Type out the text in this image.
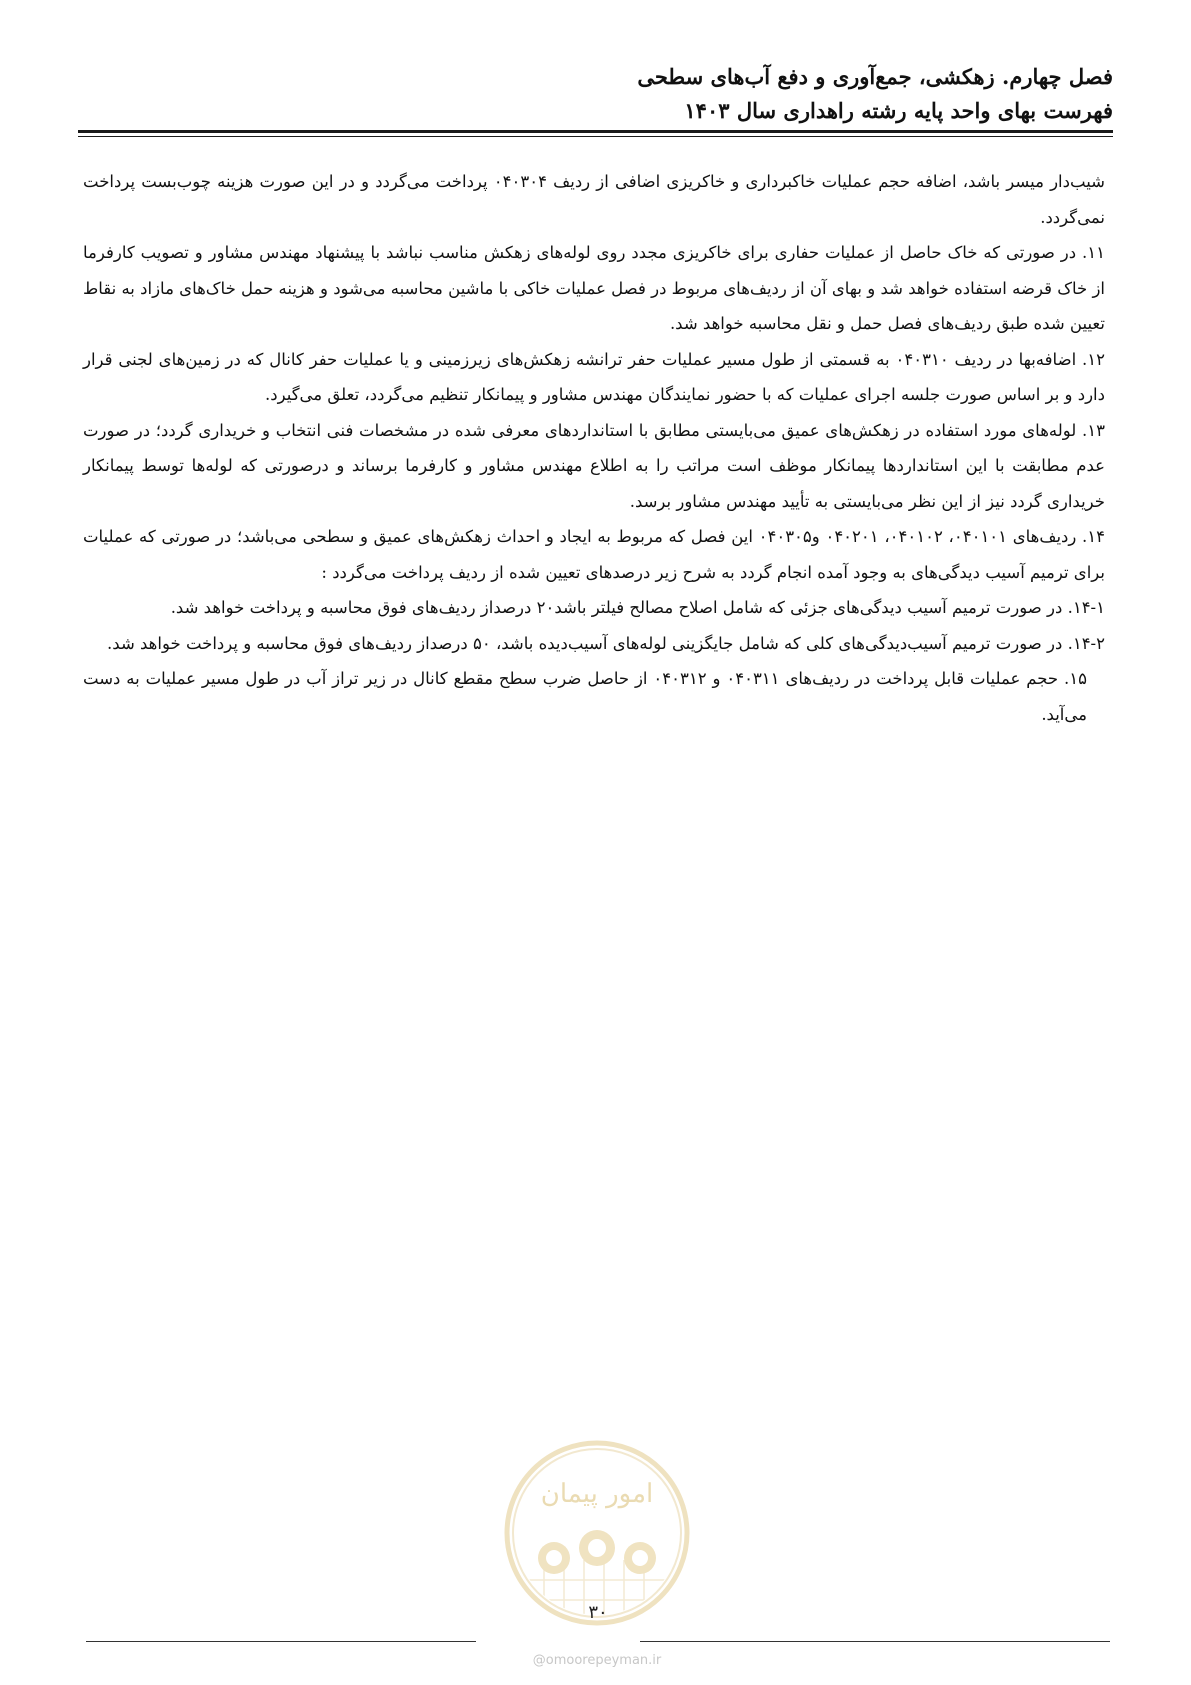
فصل چهارم. زهکشی، جمع‌آوری و دفع آب‌های سطحی
فهرست بهای واحد پایه رشته راهداری سال ۱۴۰۳

شیب‌دار میسر باشد، اضافه حجم عملیات خاکبرداری و خاکریزی اضافی از ردیف ۰۴۰۳۰۴ پرداخت می‌گردد و در این صورت هزینه چوب‌بست پرداخت نمی‌گردد.

۱۱. در صورتی که خاک حاصل از عملیات حفاری برای خاکریزی مجدد روی لوله‌های زهکش مناسب نباشد با پیشنهاد مهندس مشاور و تصویب کارفرما از خاک قرضه استفاده خواهد شد و بهای آن از ردیف‌های مربوط در فصل عملیات خاکی با ماشین محاسبه می‌شود و هزینه حمل خاک‌های مازاد به نقاط تعیین شده طبق ردیف‌های فصل حمل و نقل محاسبه خواهد شد.

۱۲. اضافه‌بها در ردیف ۰۴۰۳۱۰ به قسمتی از طول مسیر عملیات حفر ترانشه زهکش‌های زیرزمینی و یا عملیات حفر کانال که در زمین‌های لجنی قرار دارد و بر اساس صورت جلسه اجرای عملیات که با حضور نمایندگان مهندس مشاور و پیمانکار تنظیم می‌گردد، تعلق می‌گیرد.

۱۳. لوله‌های مورد استفاده در زهکش‌های عمیق می‌بایستی مطابق با استانداردهای معرفی شده در مشخصات فنی انتخاب و خریداری گردد؛ در صورت عدم مطابقت با این استانداردها پیمانکار موظف است مراتب را به اطلاع مهندس مشاور و کارفرما برساند و درصورتی که لوله‌ها توسط پیمانکار خریداری گردد نیز از این نظر می‌بایستی به تأیید مهندس مشاور برسد.

۱۴. ردیف‌های ۰۴۰۱۰۱، ۰۴۰۱۰۲، ۰۴۰۲۰۱ و۰۴۰۳۰۵ این فصل که مربوط به ایجاد و احداث زهکش‌های عمیق و سطحی می‌باشد؛ در صورتی که عملیات برای ترمیم آسیب دیدگی‌های به وجود آمده انجام گردد به شرح زیر درصدهای تعیین شده از ردیف پرداخت می‌گردد :

۱۴-۱. در صورت ترمیم آسیب دیدگی‌های جزئی که شامل اصلاح مصالح فیلتر باشد۲۰ درصداز ردیف‌های فوق محاسبه و پرداخت خواهد شد.

۱۴-۲. در صورت ترمیم آسیب‌دیدگی‌های کلی که شامل جایگزینی لوله‌های آسیب‌دیده باشد، ۵۰ درصداز ردیف‌های فوق محاسبه و پرداخت خواهد شد.

۱۵. حجم عملیات قابل پرداخت در ردیف‌های ۰۴۰۳۱۱ و ۰۴۰۳۱۲ از حاصل ضرب سطح مقطع کانال در زیر تراز آب در طول مسیر عملیات به دست می‌آید.

امور پیمان
۳۰
@omoorepeyman.ir
